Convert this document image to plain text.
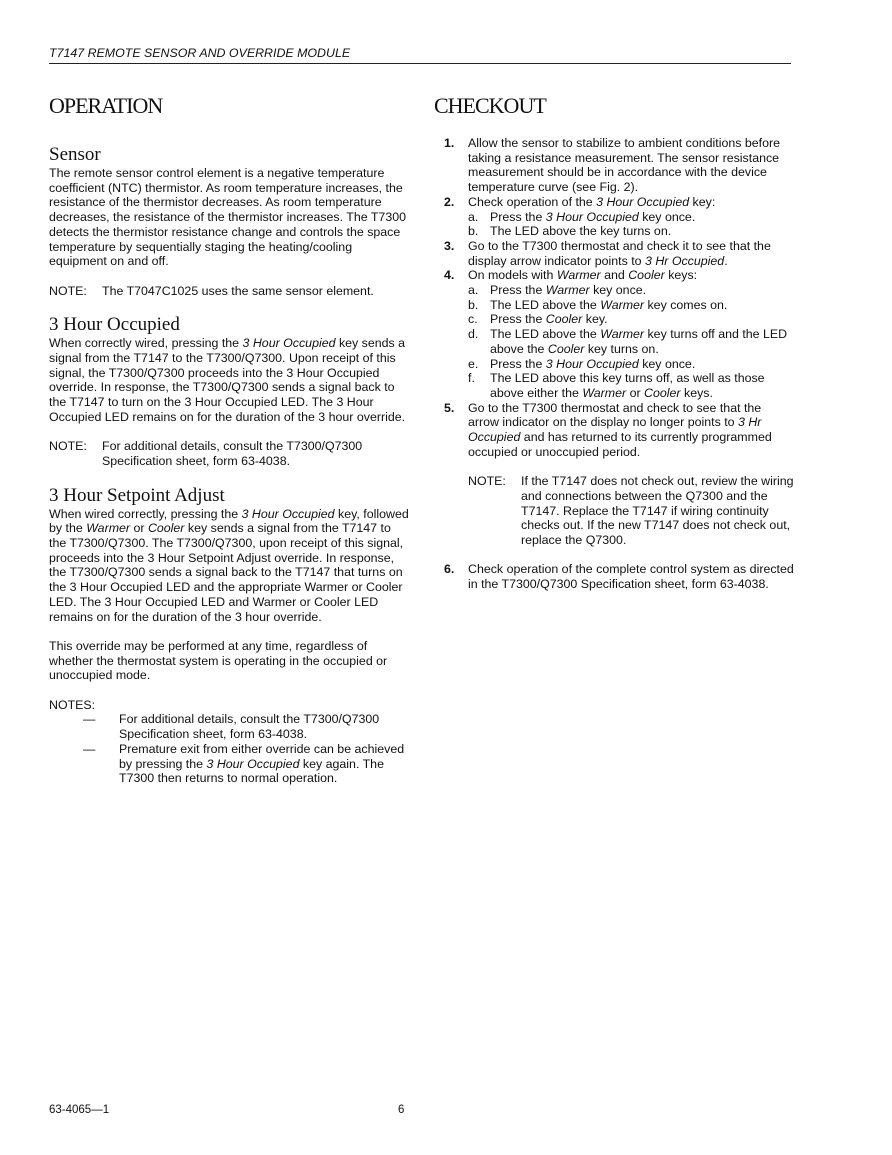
T7147 REMOTE SENSOR AND OVERRIDE MODULE
OPERATION
Sensor

The remote sensor control element is a negative temperature coefficient (NTC) thermistor. As room temperature increases, the resistance of the thermistor decreases. As room temperature decreases, the resistance of the thermistor increases. The T7300 detects the thermistor resistance change and controls the space temperature by sequentially staging the heating/cooling equipment on and off.

NOTE:	The T7047C1025 uses the same sensor element.
3 Hour Occupied

When correctly wired, pressing the 3 Hour Occupied key sends a signal from the T7147 to the T7300/Q7300. Upon receipt of this signal, the T7300/Q7300 proceeds into the 3 Hour Occupied override. In response, the T7300/Q7300 sends a signal back to the T7147 to turn on the 3 Hour Occupied LED. The 3 Hour Occupied LED remains on for the duration of the 3 hour override.

NOTE:	For additional details, consult the T7300/Q7300 Specification sheet, form 63-4038.
3 Hour Setpoint Adjust

When wired correctly, pressing the 3 Hour Occupied key, followed by the Warmer or Cooler key sends a signal from the T7147 to the T7300/Q7300. The T7300/Q7300, upon receipt of this signal, proceeds into the 3 Hour Setpoint Adjust override. In response, the T7300/Q7300 sends a signal back to the T7147 that turns on the 3 Hour Occupied LED and the appropriate Warmer or Cooler LED. The 3 Hour Occupied LED and Warmer or Cooler LED remains on for the duration of the 3 hour override.

This override may be performed at any time, regardless of whether the thermostat system is operating in the occupied or unoccupied mode.

NOTES:

—	For additional details, consult the T7300/Q7300 Specification sheet, form 63-4038.
—	Premature exit from either override can be achieved by pressing the 3 Hour Occupied key again. The T7300 then returns to normal operation.
CHECKOUT
1.	Allow the sensor to stabilize to ambient conditions before taking a resistance measurement. The sensor resistance measurement should be in accordance with the device temperature curve (see Fig. 2).
2.	Check operation of the 3 Hour Occupied key:
a. Press the 3 Hour Occupied key once.
b. The LED above the key turns on.
3.	Go to the T7300 thermostat and check it to see that the display arrow indicator points to 3 Hr Occupied.
4.	On models with Warmer and Cooler keys:
a. Press the Warmer key once.
b. The LED above the Warmer key comes on.
c. Press the Cooler key.
d. The LED above the Warmer key turns off and the LED above the Cooler key turns on.
e. Press the 3 Hour Occupied key once.
f.	The LED above this key turns off, as well as those above either the Warmer or Cooler keys.
5.	Go to the T7300 thermostat and check to see that the arrow indicator on the display no longer points to 3 Hr Occupied and has returned to its currently programmed occupied or unoccupied period.
NOTE:	If the T7147 does not check out, review the wiring and connections between the Q7300 and the T7147. Replace the T7147 if wiring continuity checks out. If the new T7147 does not check out, replace the Q7300.
6.	Check operation of the complete control system as directed in the T7300/Q7300 Specification sheet, form 63-4038.
63-4065—1	6
